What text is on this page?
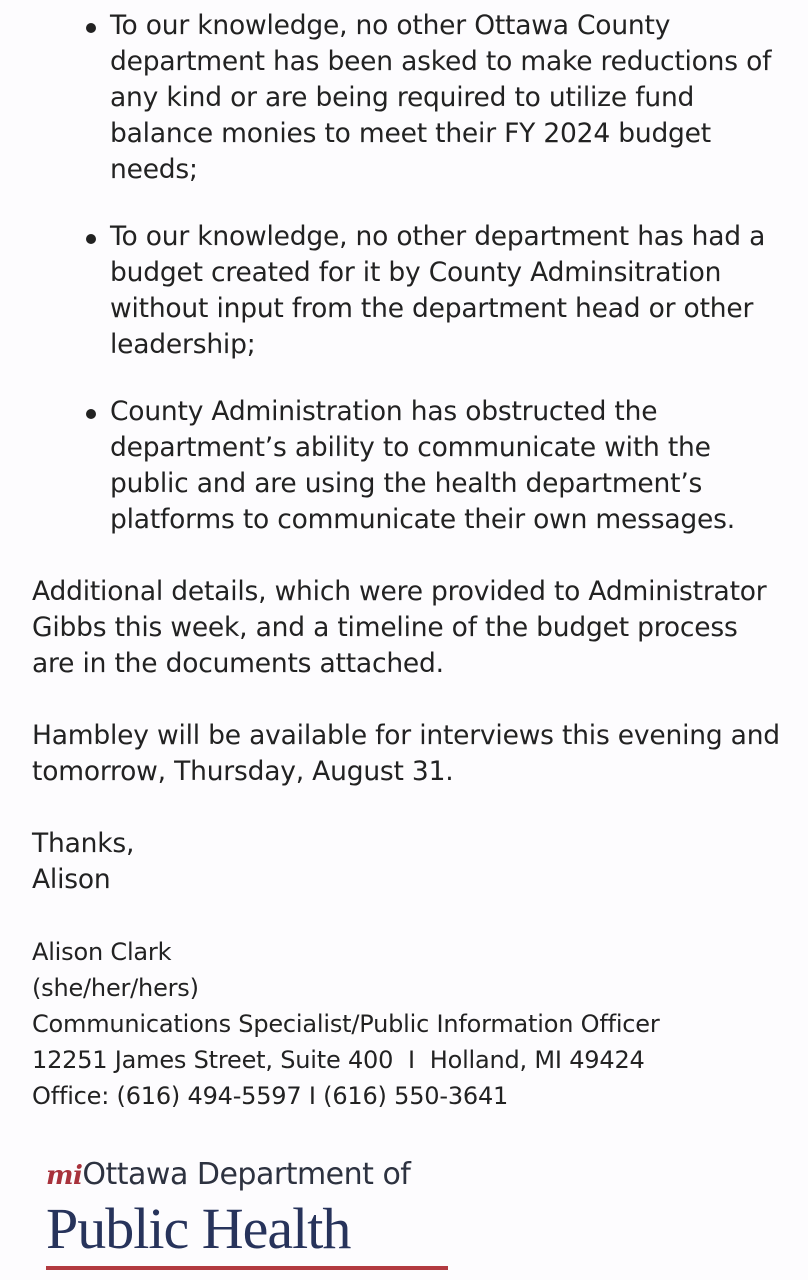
To our knowledge, no other Ottawa County department has been asked to make reductions of any kind or are being required to utilize fund balance monies to meet their FY 2024 budget needs;
To our knowledge, no other department has had a budget created for it by County Adminsitration without input from the department head or other leadership;
County Administration has obstructed the department’s ability to communicate with the public and are using the health department’s platforms to communicate their own messages.

Additional details, which were provided to Administrator Gibbs this week, and a timeline of the budget process are in the documents attached.

Hambley will be available for interviews this evening and tomorrow, Thursday, August 31.

Thanks,
Alison

Alison Clark
(she/her/hers)
Communications Specialist/Public Information Officer
12251 James Street, Suite 400  I  Holland, MI 49424
Office: (616) 494-5597 I (616) 550-3641
miOttawa Department of
Public Health
